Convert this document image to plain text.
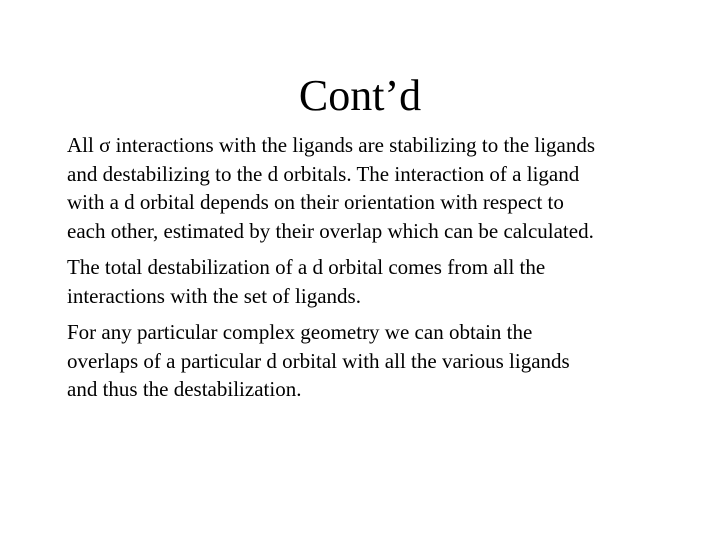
Cont’d

All σ interactions with the ligands are stabilizing to the ligands
and destabilizing to the d orbitals. The interaction of a ligand
with a d orbital depends on their orientation with respect to
each other, estimated by their overlap which can be calculated.

The total destabilization of a d orbital comes from all the
interactions with the set of ligands.

For any particular complex geometry we can obtain the
overlaps of a particular d orbital with all the various ligands
and thus the destabilization.
